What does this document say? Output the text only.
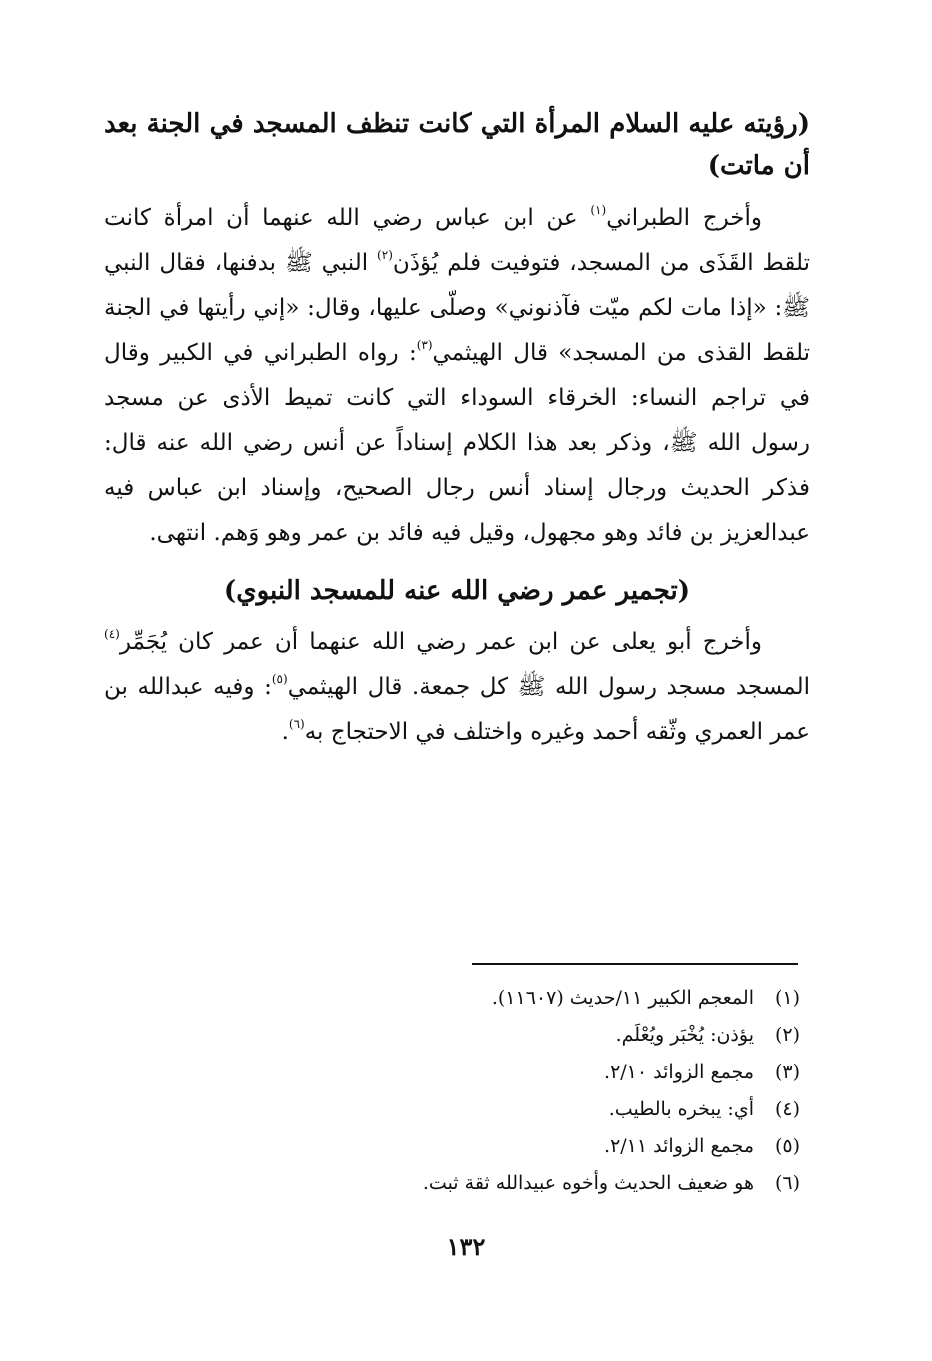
(رؤيته عليه السلام المرأة التي كانت تنظف المسجد في الجنة بعد أن ماتت)
وأخرج الطبراني$^{(١)}$ عن ابن عباس رضي الله عنهما أن امرأة كانت تلقط القَذَى من المسجد، فتوفيت فلم يُؤذَن$^{(٢)}$ النبي ﷺ بدفنها، فقال النبي ﷺ: «إذا مات لكم ميّت فآذنوني» وصلّى عليها، وقال: «إني رأيتها في الجنة تلقط القذى من المسجد» قال الهيثمي$^{(٣)}$: رواه الطبراني في الكبير وقال في تراجم النساء: الخرقاء السوداء التي كانت تميط الأذى عن مسجد رسول الله ﷺ، وذكر بعد هذا الكلام إسناداً عن أنس رضي الله عنه قال: فذكر الحديث ورجال إسناد أنس رجال الصحيح، وإسناد ابن عباس فيه عبدالعزيز بن فائد وهو مجهول، وقيل فيه فائد بن عمر وهو وَهم. انتهى.
(تجمير عمر رضي الله عنه للمسجد النبوي)
وأخرج أبو يعلى عن ابن عمر رضي الله عنهما أن عمر كان يُجَمِّر$^{(٤)}$ المسجد مسجد رسول الله ﷺ كل جمعة. قال الهيثمي$^{(٥)}$: وفيه عبدالله بن عمر العمري وثّقه أحمد وغيره واختلف في الاحتجاج به$^{(٦)}$.
(١)
المعجم الكبير ١١/حديث (١١٦٠٧).
(٢)
يؤذن: يُخْبَر ويُعْلَم.
(٣)
مجمع الزوائد ٢/١٠.
(٤)
أي: يبخره بالطيب.
(٥)
مجمع الزوائد ٢/١١.
(٦)
هو ضعيف الحديث وأخوه عبيدالله ثقة ثبت.
١٣٢
